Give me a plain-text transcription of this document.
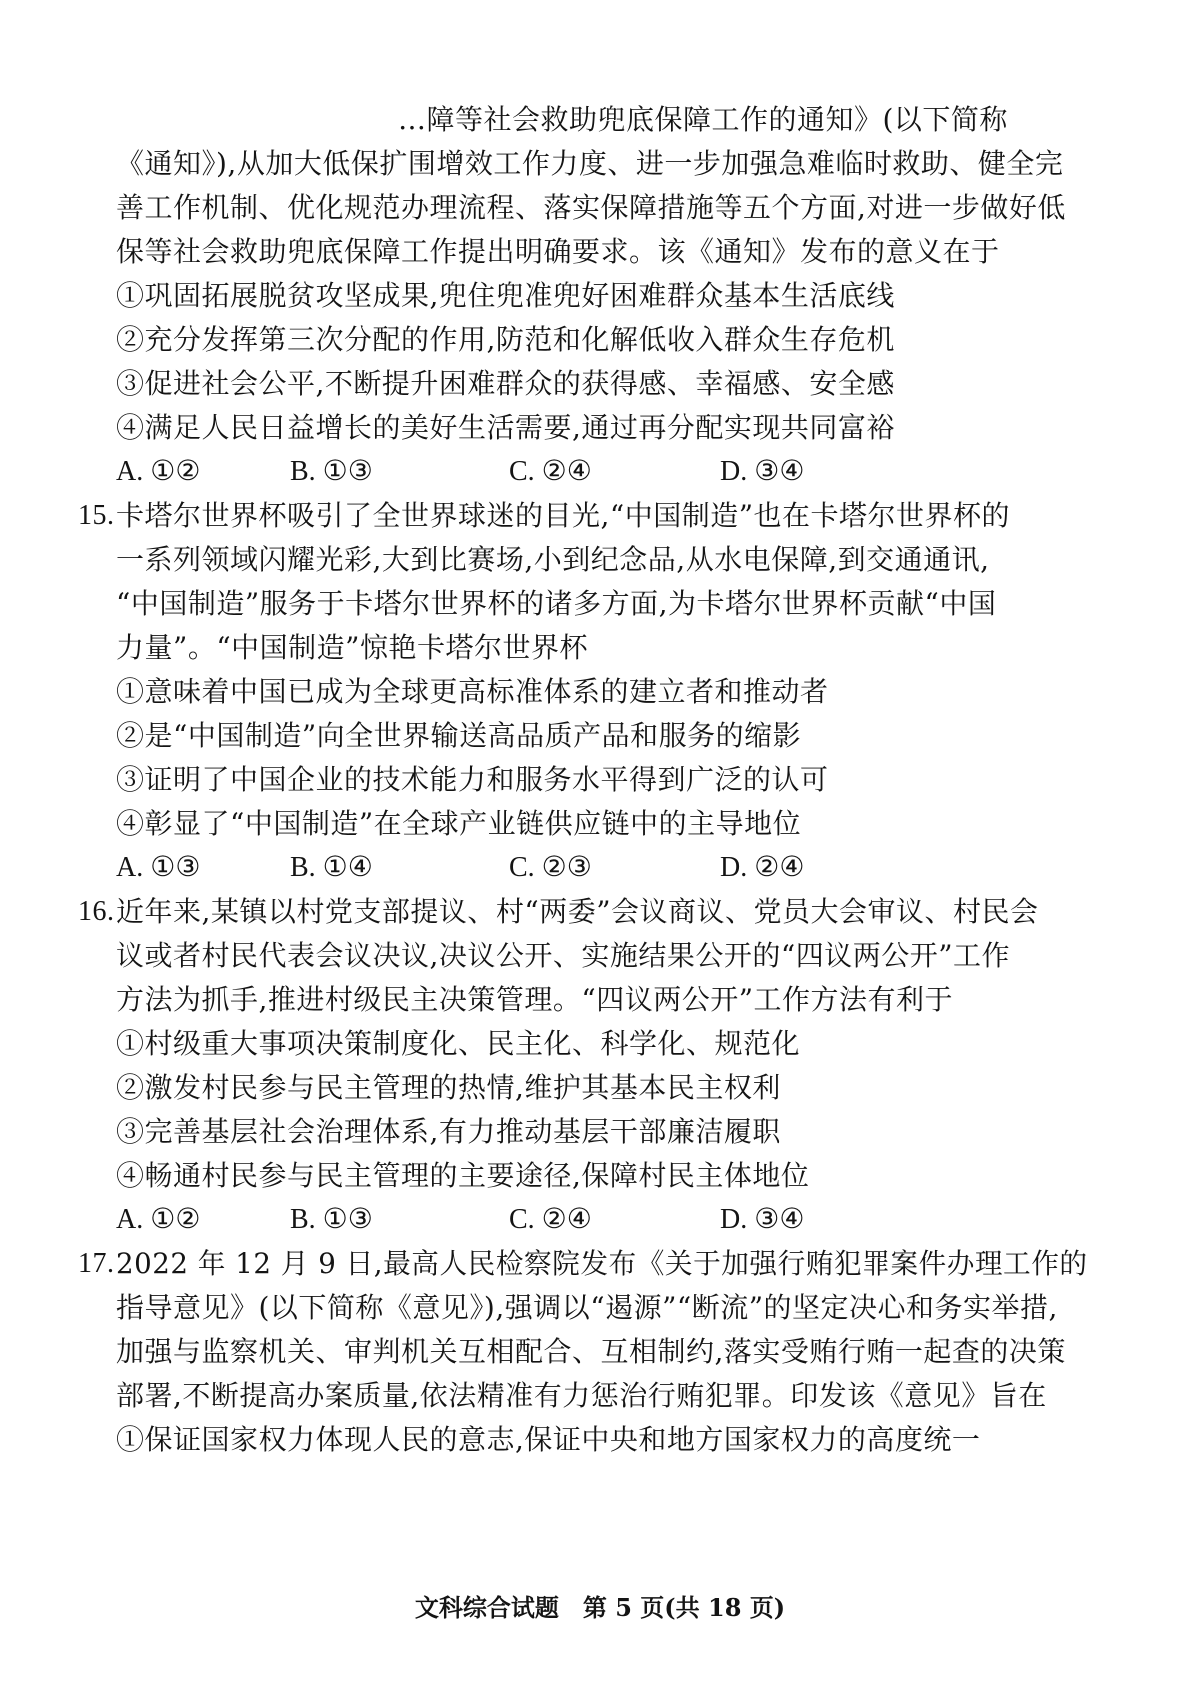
…障等社会救助兜底保障工作的通知》(以下简称
《通知》),从加大低保扩围增效工作力度、进一步加强急难临时救助、健全完
善工作机制、优化规范办理流程、落实保障措施等五个方面,对进一步做好低
保等社会救助兜底保障工作提出明确要求。该《通知》发布的意义在于
①巩固拓展脱贫攻坚成果,兜住兜准兜好困难群众基本生活底线
②充分发挥第三次分配的作用,防范和化解低收入群众生存危机
③促进社会公平,不断提升困难群众的获得感、幸福感、安全感
④满足人民日益增长的美好生活需要,通过再分配实现共同富裕
A. ①②	B. ①③	C. ②④	D. ③④
15. 卡塔尔世界杯吸引了全世界球迷的目光,“中国制造”也在卡塔尔世界杯的
一系列领域闪耀光彩,大到比赛场,小到纪念品,从水电保障,到交通通讯,
“中国制造”服务于卡塔尔世界杯的诸多方面,为卡塔尔世界杯贡献“中国
力量”。“中国制造”惊艳卡塔尔世界杯
①意味着中国已成为全球更高标准体系的建立者和推动者
②是“中国制造”向全世界输送高品质产品和服务的缩影
③证明了中国企业的技术能力和服务水平得到广泛的认可
④彰显了“中国制造”在全球产业链供应链中的主导地位
A. ①③	B. ①④	C. ②③	D. ②④
16. 近年来,某镇以村党支部提议、村“两委”会议商议、党员大会审议、村民会
议或者村民代表会议决议,决议公开、实施结果公开的“四议两公开”工作
方法为抓手,推进村级民主决策管理。“四议两公开”工作方法有利于
①村级重大事项决策制度化、民主化、科学化、规范化
②激发村民参与民主管理的热情,维护其基本民主权利
③完善基层社会治理体系,有力推动基层干部廉洁履职
④畅通村民参与民主管理的主要途径,保障村民主体地位
A. ①②	B. ①③	C. ②④	D. ③④
17. 2022 年 12 月 9 日,最高人民检察院发布《关于加强行贿犯罪案件办理工作的
指导意见》(以下简称《意见》),强调以“遏源”“断流”的坚定决心和务实举措,
加强与监察机关、审判机关互相配合、互相制约,落实受贿行贿一起查的决策
部署,不断提高办案质量,依法精准有力惩治行贿犯罪。印发该《意见》旨在
①保证国家权力体现人民的意志,保证中央和地方国家权力的高度统一
文科综合试题　第 5 页(共 18 页)
